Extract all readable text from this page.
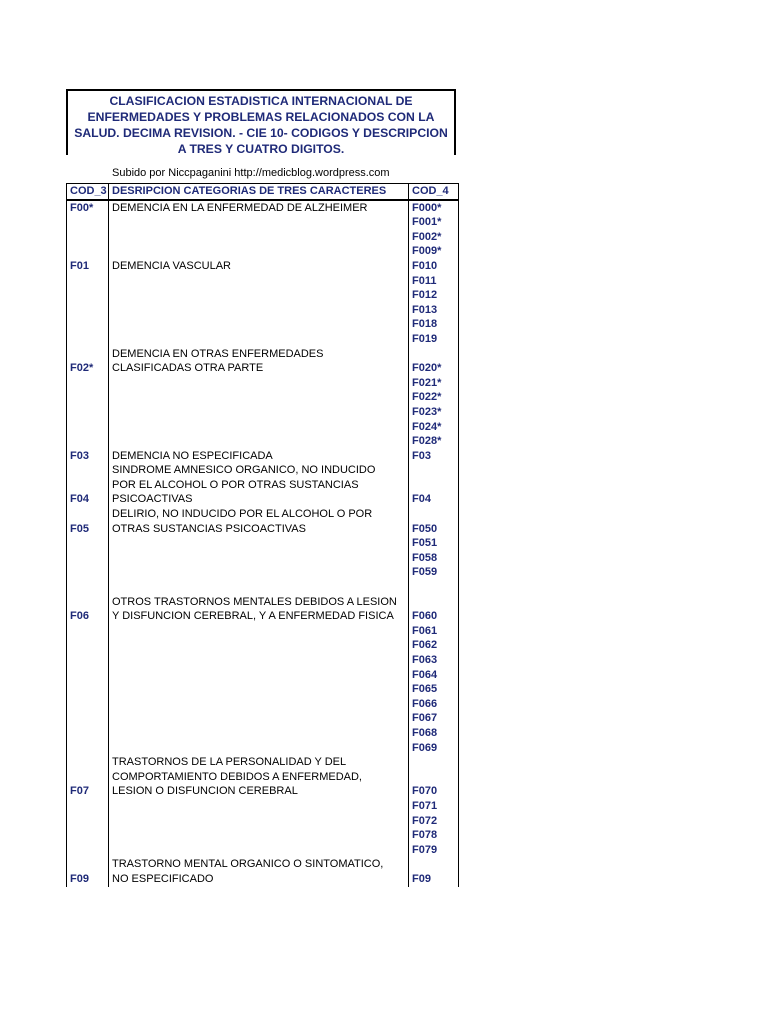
CLASIFICACION ESTADISTICA INTERNACIONAL DE
ENFERMEDADES Y PROBLEMAS RELACIONADOS CON LA
SALUD. DECIMA REVISION. - CIE 10- CODIGOS Y DESCRIPCION
A TRES Y CUATRO DIGITOS.
Subido por Niccpaganini http://medicblog.wordpress.com
COD_3	DESRIPCION CATEGORIAS DE TRES CARACTERES	COD_4
F00*	DEMENCIA EN LA ENFERMEDAD DE ALZHEIMER	F000*
		F001*
		F002*
		F009*
F01	DEMENCIA VASCULAR	F010
		F011
		F012
		F013
		F018
		F019
	DEMENCIA EN OTRAS ENFERMEDADES	
F02*	CLASIFICADAS OTRA PARTE	F020*
		F021*
		F022*
		F023*
		F024*
		F028*
F03	DEMENCIA NO ESPECIFICADA	F03
	SINDROME AMNESICO ORGANICO, NO INDUCIDO	
	POR EL ALCOHOL O POR OTRAS SUSTANCIAS	
F04	PSICOACTIVAS	F04
	DELIRIO, NO INDUCIDO POR EL ALCOHOL O POR	
F05	OTRAS SUSTANCIAS PSICOACTIVAS	F050
		F051
		F058
		F059

	OTROS TRASTORNOS MENTALES DEBIDOS A LESION	
F06	Y DISFUNCION CEREBRAL, Y A ENFERMEDAD FISICA	F060
		F061
		F062
		F063
		F064
		F065
		F066
		F067
		F068
		F069
	TRASTORNOS DE LA PERSONALIDAD Y DEL	
	COMPORTAMIENTO DEBIDOS A ENFERMEDAD,	
F07	LESION O DISFUNCION CEREBRAL	F070
		F071
		F072
		F078
		F079
	TRASTORNO MENTAL ORGANICO O SINTOMATICO,	
F09	NO ESPECIFICADO	F09
